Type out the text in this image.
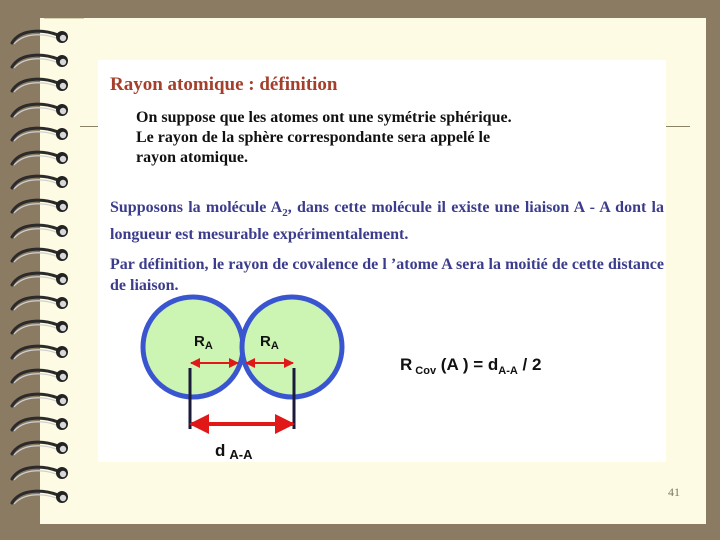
Rayon atomique : définition
On suppose que les atomes ont une symétrie sphérique.
Le rayon de la sphère correspondante sera appelé le
rayon atomique.
Supposons la molécule $A_2$, dans cette molécule il existe une liaison A - A dont la longueur est mesurable expérimentalement.
Par définition, le rayon de covalence de l ’atome A sera la moitié de cette distance de liaison.
$R_A$	$R_A$
d A-A
R $_{Cov}$ (A ) = $d_{A-A} / 2$
41
